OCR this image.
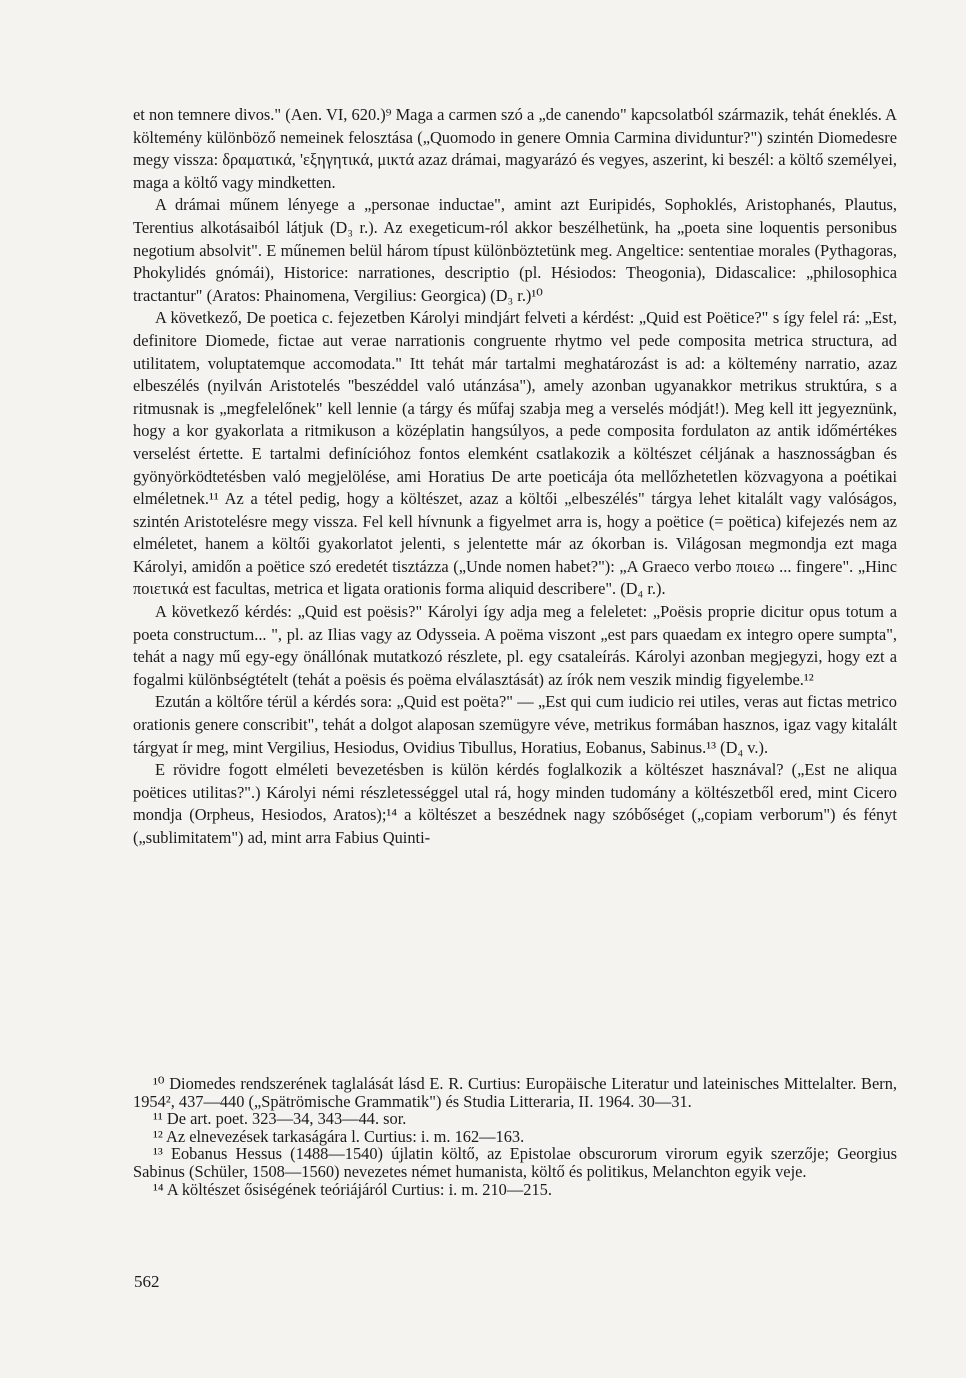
et non temnere divos." (Aen. VI, 620.)⁹ Maga a carmen szó a „de canendo" kapcsolatból származik, tehát éneklés. A költemény különböző nemeinek felosztása („Quomodo in genere Omnia Carmina dividuntur?") szintén Diomedesre megy vissza: δραματικά, 'εξηγητικά, μικτά azaz drámai, magyarázó és vegyes, aszerint, ki beszél: a költő személyei, maga a költő vagy mindketten.

A drámai műnem lényege a „personae inductae", amint azt Euripidés, Sophoklés, Aristophanés, Plautus, Terentius alkotásaiból látjuk (D₃ r.). Az exegeticum-ról akkor beszélhetünk, ha „poeta sine loquentis personibus negotium absolvit". E műnemen belül három típust különböztetünk meg. Angeltice: sententiae morales (Pythagoras, Phokylidés gnómái), Historice: narrationes, descriptio (pl. Hésiodos: Theogonia), Didascalice: „philosophica tractantur" (Aratos: Phainomena, Vergilius: Georgica) (D₃ r.)¹⁰

A következő, De poetica c. fejezetben Károlyi mindjárt felveti a kérdést: „Quid est Poëtice?" s így felel rá: „Est, definitore Diomede, fictae aut verae narrationis congruente rhytmo vel pede composita metrica structura, ad utilitatem, voluptatemque accomodata." Itt tehát már tartalmi meghatározást is ad: a költemény narratio, azaz elbeszélés (nyilván Aristotelés ''beszéddel való utánzása"), amely azonban ugyanakkor metrikus struktúra, s a ritmusnak is „megfelelőnek" kell lennie (a tárgy és műfaj szabja meg a verselés módját!). Meg kell itt jegyeznünk, hogy a kor gyakorlata a ritmikuson a középlatin hangsúlyos, a pede composita fordulaton az antik időmértékes verselést értette. E tartalmi definícióhoz fontos elemként csatlakozik a költészet céljának a hasznosságban és gyönyörködtetésben való megjelölése, ami Horatius De arte poeticája óta mellőzhetetlen közvagyona a poétikai elméletnek.¹¹ Az a tétel pedig, hogy a költészet, azaz a költői „elbeszélés" tárgya lehet kitalált vagy valóságos, szintén Aristotelésre megy vissza. Fel kell hívnunk a figyelmet arra is, hogy a poëtice (= poëtica) kifejezés nem az elméletet, hanem a költői gyakorlatot jelenti, s jelentette már az ókorban is. Világosan megmondja ezt maga Károlyi, amidőn a poëtice szó eredetét tisztázza („Unde nomen habet?"): „A Graeco verbo ποιεω ... fingere". „Hinc ποιετικά est facultas, metrica et ligata orationis forma aliquid describere". (D₄ r.).

A következő kérdés: „Quid est poësis?" Károlyi így adja meg a feleletet: „Poësis proprie dicitur opus totum a poeta constructum... ", pl. az Ilias vagy az Odysseia. A poëma viszont „est pars quaedam ex integro opere sumpta", tehát a nagy mű egy-egy önállónak mutatkozó részlete, pl. egy csataleírás. Károlyi azonban megjegyzi, hogy ezt a fogalmi különbségtételt (tehát a poësis és poëma elválasztását) az írók nem veszik mindig figyelembe.¹²

Ezután a költőre térül a kérdés sora: „Quid est poëta?" — „Est qui cum iudicio rei utiles, veras aut fictas metrico orationis genere conscribit", tehát a dolgot alaposan szemügyre véve, metrikus formában hasznos, igaz vagy kitalált tárgyat ír meg, mint Vergilius, Hesiodus, Ovidius Tibullus, Horatius, Eobanus, Sabinus.¹³ (D₄ v.).

E rövidre fogott elméleti bevezetésben is külön kérdés foglalkozik a költészet hasznával? („Est ne aliqua poëtices utilitas?".) Károlyi némi részletességgel utal rá, hogy minden tudomány a költészetből ered, mint Cicero mondja (Orpheus, Hesiodos, Aratos);¹⁴ a költészet a beszédnek nagy szóbőséget („copiam verborum") és fényt („sublimitatem") ad, mint arra Fabius Quinti-

¹⁰ Diomedes rendszerének taglalását lásd E. R. Curtius: Europäische Literatur und lateinisches Mittelalter. Bern, 1954², 437—440 („Spätrömische Grammatik") és Studia Litteraria, II. 1964. 30—31.

¹¹ De art. poet. 323—34, 343—44. sor.

¹² Az elnevezések tarkaságára l. Curtius: i. m. 162—163.

¹³ Eobanus Hessus (1488—1540) újlatin költő, az Epistolae obscurorum virorum egyik szerzője; Georgius Sabinus (Schüler, 1508—1560) nevezetes német humanista, költő és politikus, Melanchton egyik veje.

¹⁴ A költészet ősiségének teóriájáról Curtius: i. m. 210—215.

562
